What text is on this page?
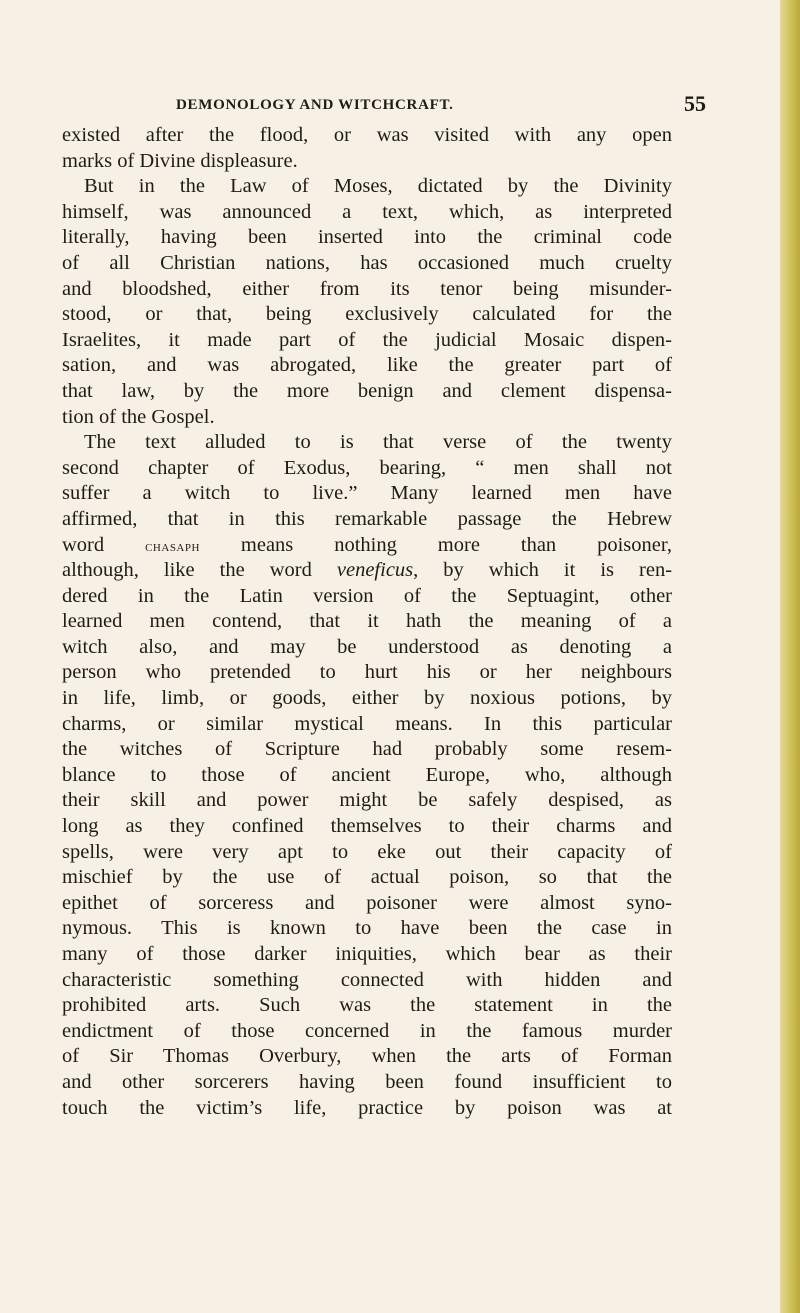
DEMONOLOGY AND WITCHCRAFT.	55
existed after the flood, or was visited with any open
marks of Divine displeasure.
But in the Law of Moses, dictated by the Divinity
himself, was announced a text, which, as interpreted
literally, having been inserted into the criminal code
of all Christian nations, has occasioned much cruelty
and bloodshed, either from its tenor being misunder-
stood, or that, being exclusively calculated for the
Israelites, it made part of the judicial Mosaic dispen-
sation, and was abrogated, like the greater part of
that law, by the more benign and clement dispensa-
tion of the Gospel.
The text alluded to is that verse of the twenty
second chapter of Exodus, bearing, “ men shall not
suffer a witch to live.” Many learned men have
affirmed, that in this remarkable passage the Hebrew
word	chasaph means nothing more than poisoner,
although, like the word veneficus, by which it is ren-
dered in the Latin version of the Septuagint, other
learned men contend, that it hath the meaning of a
witch also, and may be understood as denoting a
person who pretended to hurt his or her neighbours
in life, limb, or goods, either by noxious potions, by
charms, or similar mystical means. In this particular
the witches of Scripture had probably some resem-
blance to those of ancient Europe, who, although
their skill and power might be safely despised, as
long as they confined themselves to their charms and
spells, were very apt to eke out their capacity of
mischief by the use of actual poison, so that the
epithet of sorceress and poisoner were almost syno-
nymous. This is known to have been the case in
many of those darker iniquities, which bear as their
characteristic something connected with hidden and
prohibited arts. Such was the statement in the
endictment of those concerned in the famous murder
of Sir Thomas Overbury, when the arts of Forman
and other sorcerers having been found insufficient to
touch the victim’s life, practice by poison was at
